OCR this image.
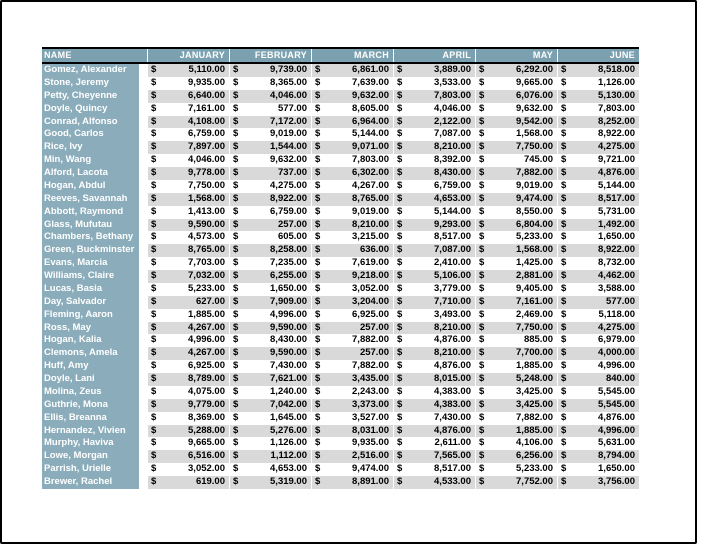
NAME	JANUARY	FEBRUARY	MARCH	APRIL	MAY	JUNE
Gomez, Alexander	$	5,110.00 $	9,739.00 $	6,861.00 $	3,889.00 $	6,292.00 $	8,518.00
Stone, Jeremy	$	9,935.00 $	8,365.00 $	7,639.00 $	3,533.00 $	9,665.00 $	1,126.00
Petty, Cheyenne	$	6,640.00 $	4,046.00 $	9,632.00 $	7,803.00 $	6,076.00 $	5,130.00
Doyle, Quincy	$	7,161.00 $	577.00 $	8,605.00 $	4,046.00 $	9,632.00 $	7,803.00
Conrad, Alfonso	$	4,108.00 $	7,172.00 $	6,964.00 $	2,122.00 $	9,542.00 $	8,252.00
Good, Carlos	$	6,759.00 $	9,019.00 $	5,144.00 $	7,087.00 $	1,568.00 $	8,922.00
Rice, Ivy	$	7,897.00 $	1,544.00 $	9,071.00 $	8,210.00 $	7,750.00 $	4,275.00
Min, Wang	$	4,046.00 $	9,632.00 $	7,803.00 $	8,392.00 $	745.00 $	9,721.00
Alford, Lacota	$	9,778.00 $	737.00 $	6,302.00 $	8,430.00 $	7,882.00 $	4,876.00
Hogan, Abdul	$	7,750.00 $	4,275.00 $	4,267.00 $	6,759.00 $	9,019.00 $	5,144.00
Reeves, Savannah	$	1,568.00 $	8,922.00 $	8,765.00 $	4,653.00 $	9,474.00 $	8,517.00
Abbott, Raymond	$	1,413.00 $	6,759.00 $	9,019.00 $	5,144.00 $	8,550.00 $	5,731.00
Glass, Mufutau	$	9,590.00 $	257.00 $	8,210.00 $	9,293.00 $	6,804.00 $	1,492.00
Chambers, Bethany	$	4,573.00 $	605.00 $	3,215.00 $	8,517.00 $	5,233.00 $	1,650.00
Green, Buckminster	$	8,765.00 $	8,258.00 $	636.00 $	7,087.00 $	1,568.00 $	8,922.00
Evans, Marcia	$	7,703.00 $	7,235.00 $	7,619.00 $	2,410.00 $	1,425.00 $	8,732.00
Williams, Claire	$	7,032.00 $	6,255.00 $	9,218.00 $	5,106.00 $	2,881.00 $	4,462.00
Lucas, Basia	$	5,233.00 $	1,650.00 $	3,052.00 $	3,779.00 $	9,405.00 $	3,588.00
Day, Salvador	$	627.00 $	7,909.00 $	3,204.00 $	7,710.00 $	7,161.00 $	577.00
Fleming, Aaron	$	1,885.00 $	4,996.00 $	6,925.00 $	3,493.00 $	2,469.00 $	5,118.00
Ross, May	$	4,267.00 $	9,590.00 $	257.00 $	8,210.00 $	7,750.00 $	4,275.00
Hogan, Kalia	$	4,996.00 $	8,430.00 $	7,882.00 $	4,876.00 $	885.00 $	6,979.00
Clemons, Amela	$	4,267.00 $	9,590.00 $	257.00 $	8,210.00 $	7,700.00 $	4,000.00
Huff, Amy	$	6,925.00 $	7,430.00 $	7,882.00 $	4,876.00 $	1,885.00 $	4,996.00
Doyle, Lani	$	8,789.00 $	7,621.00 $	3,435.00 $	8,015.00 $	5,248.00 $	840.00
Molina, Zeus	$	4,075.00 $	1,240.00 $	2,243.00 $	4,383.00 $	3,425.00 $	5,545.00
Guthrie, Mona	$	9,779.00 $	7,042.00 $	3,373.00 $	4,383.00 $	3,425.00 $	5,545.00
Ellis, Breanna	$	8,369.00 $	1,645.00 $	3,527.00 $	7,430.00 $	7,882.00 $	4,876.00
Hernandez, Vivien	$	5,288.00 $	5,276.00 $	8,031.00 $	4,876.00 $	1,885.00 $	4,996.00
Murphy, Haviva	$	9,665.00 $	1,126.00 $	9,935.00 $	2,611.00 $	4,106.00 $	5,631.00
Lowe, Morgan	$	6,516.00 $	1,112.00 $	2,516.00 $	7,565.00 $	6,256.00 $	8,794.00
Parrish, Urielle	$	3,052.00 $	4,653.00 $	9,474.00 $	8,517.00 $	5,233.00 $	1,650.00
Brewer, Rachel	$	619.00 $	5,319.00 $	8,891.00 $	4,533.00 $	7,752.00 $	3,756.00
